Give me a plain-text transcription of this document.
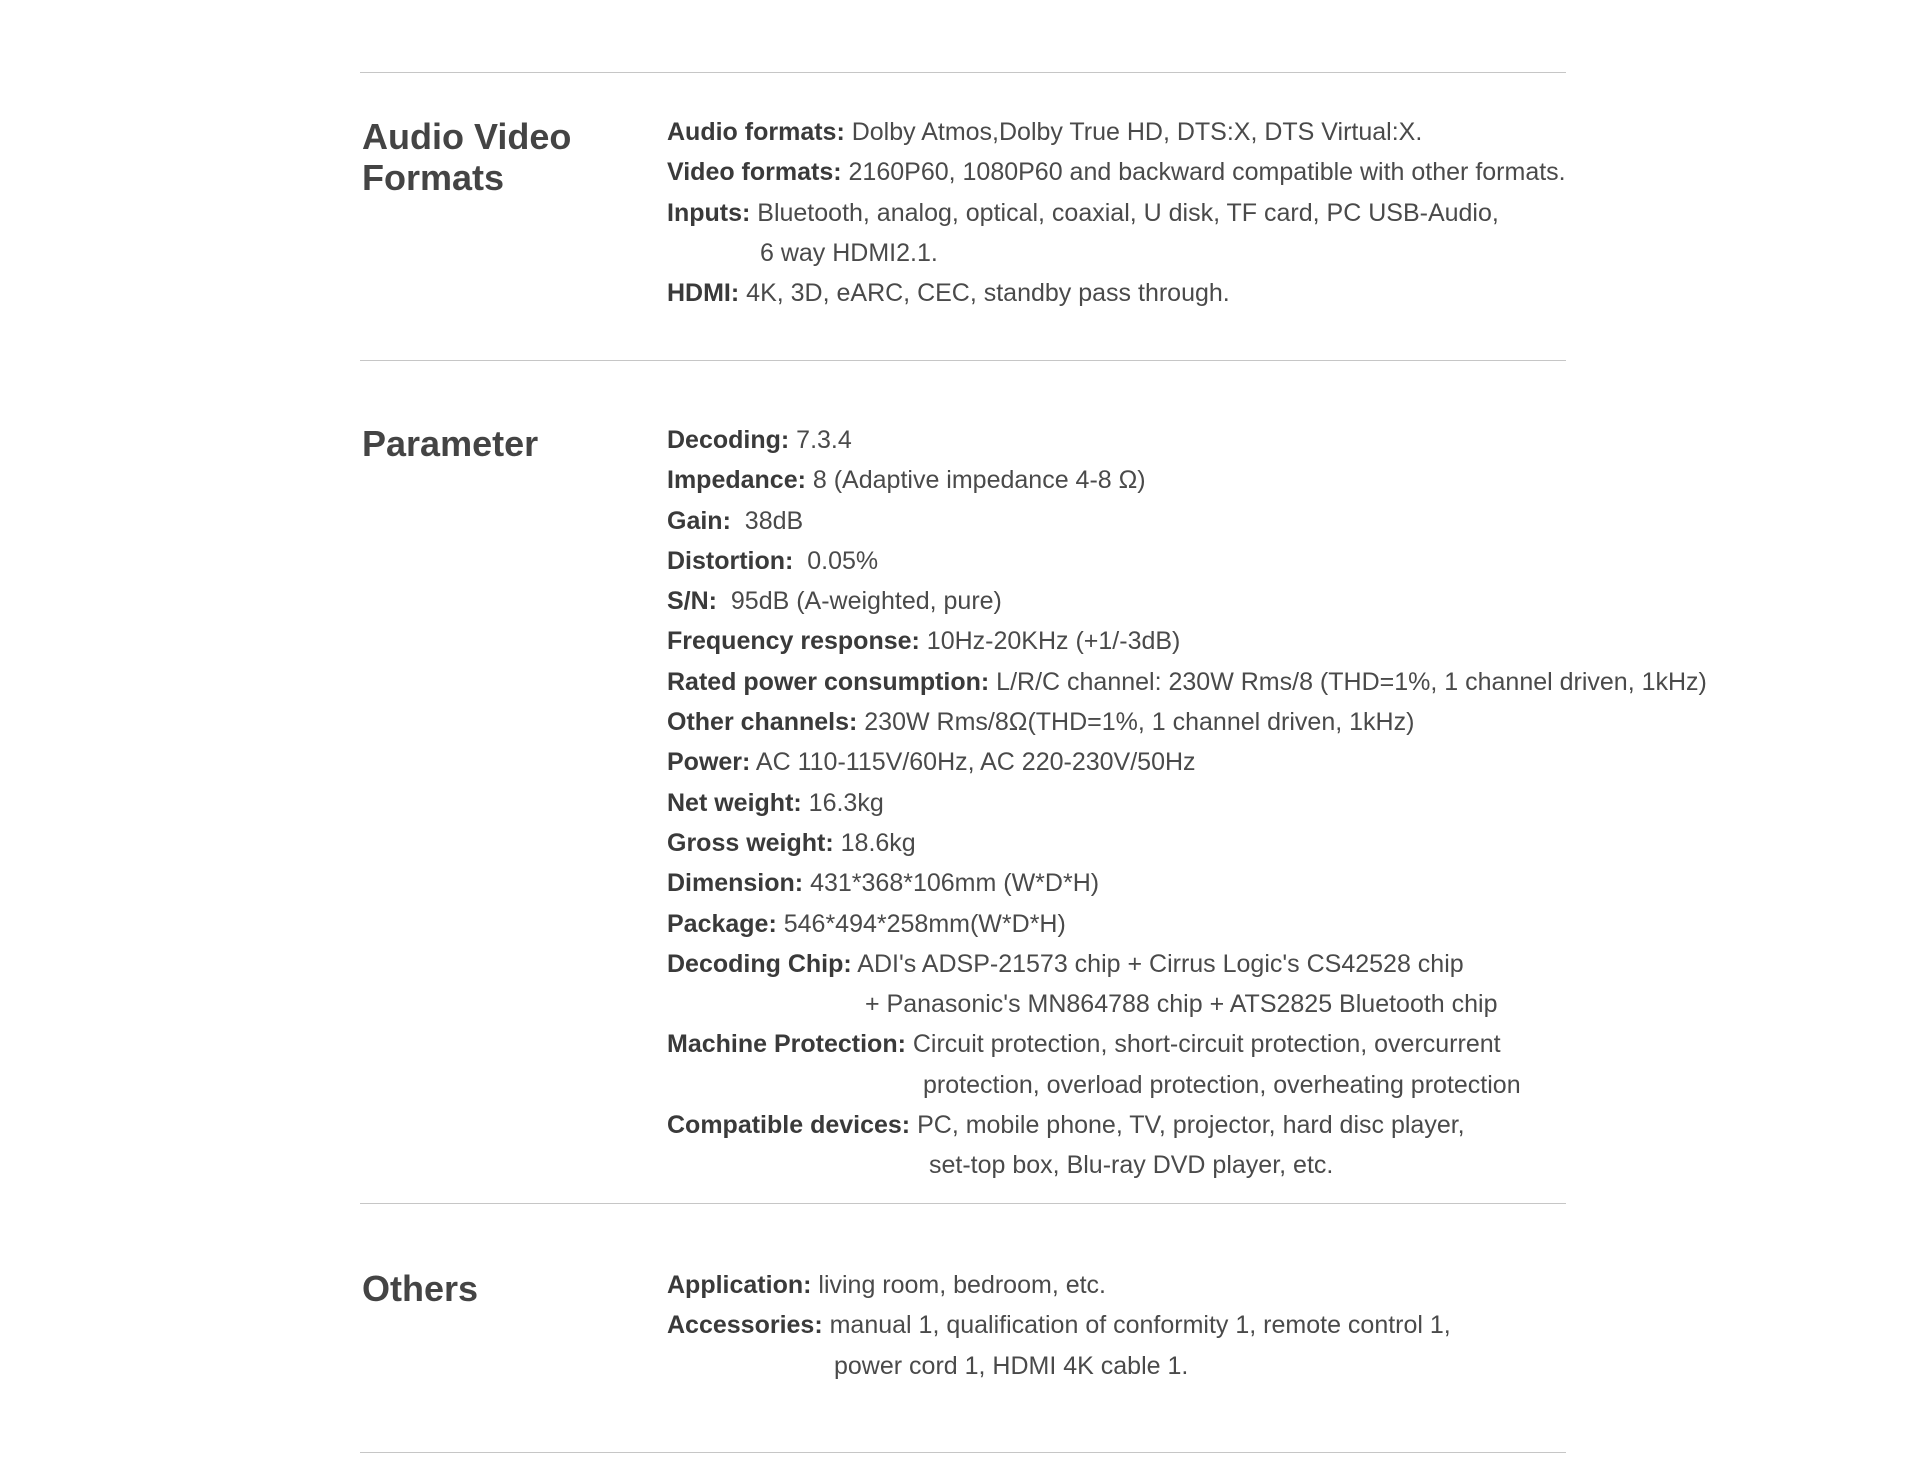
Audio Video
Formats
Audio formats: Dolby Atmos,Dolby True HD, DTS:X, DTS Virtual:X.
Video formats: 2160P60, 1080P60 and backward compatible with other formats.
Inputs: Bluetooth, analog, optical, coaxial, U disk, TF card, PC USB-Audio,
6 way HDMI2.1.
HDMI: 4K, 3D, eARC, CEC, standby pass through.
Parameter	Decoding: 7.3.4
Impedance: 8 (Adaptive impedance 4-8 Ω)
Gain:  38dB
Distortion:  0.05%
S/N:  95dB (A-weighted, pure)
Frequency response: 10Hz-20KHz (+1/-3dB)
Rated power consumption: L/R/C channel: 230W Rms/8 (THD=1%, 1 channel driven, 1kHz)
Other channels: 230W Rms/8Ω(THD=1%, 1 channel driven, 1kHz)
Power: AC 110-115V/60Hz, AC 220-230V/50Hz
Net weight: 16.3kg
Gross weight: 18.6kg
Dimension: 431*368*106mm (W*D*H)
Package: 546*494*258mm(W*D*H)
Decoding Chip: ADI's ADSP-21573 chip + Cirrus Logic's CS42528 chip
+ Panasonic's MN864788 chip + ATS2825 Bluetooth chip
Machine Protection: Circuit protection, short-circuit protection, overcurrent
protection, overload protection, overheating protection
Compatible devices: PC, mobile phone, TV, projector, hard disc player,
set-top box, Blu-ray DVD player, etc.
Others	Application: living room, bedroom, etc.
Accessories: manual 1, qualification of conformity 1, remote control 1,
power cord 1, HDMI 4K cable 1.
